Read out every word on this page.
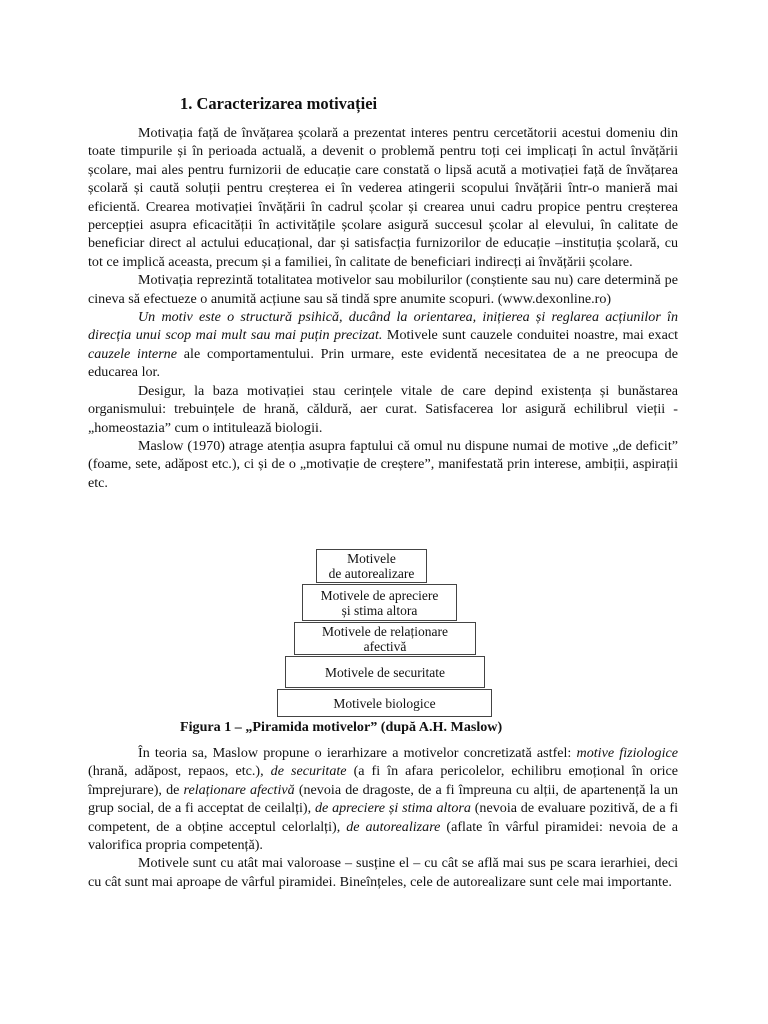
1. Caracterizarea motivației

Motivația față de învățarea școlară a prezentat interes pentru cercetătorii acestui domeniu din toate timpurile și în perioada actuală, a devenit o problemă pentru toți cei implicați în actul învățării școlare, mai ales pentru furnizorii de educație care constată o lipsă acută a motivației față de învățarea școlară și caută soluții pentru creșterea ei în vederea atingerii scopului învățării într-o manieră mai eficientă. Crearea motivației învățării în cadrul școlar și crearea unui cadru propice pentru creșterea percepției asupra eficacității în activitățile școlare asigură succesul școlar al elevului, în calitate de beneficiar direct al actului educațional, dar și satisfacția furnizorilor de educație –instituția școlară, cu tot ce implică aceasta, precum și a familiei, în calitate de beneficiari indirecți ai învățării școlare.

Motivația reprezintă totalitatea motivelor sau mobilurilor (conștiente sau nu) care determină pe cineva să efectueze o anumită acțiune sau să tindă spre anumite scopuri. (www.dexonline.ro)

Un motiv este o structură psihică, ducând la orientarea, inițierea și reglarea acțiunilor în direcția unui scop mai mult sau mai puțin precizat. Motivele sunt cauzele conduitei noastre, mai exact cauzele interne ale comportamentului. Prin urmare, este evidentă necesitatea de a ne preocupa de educarea lor.

Desigur, la baza motivației stau cerințele vitale de care depind existența și bunăstarea organismului: trebuințele de hrană, căldură, aer curat. Satisfacerea lor asigură echilibrul vieții - „homeostazia” cum o intitulează biologii.

Maslow (1970) atrage atenția asupra faptului că omul nu dispune numai de motive „de deficit” (foame, sete, adăpost etc.), ci și de o „motivație de creștere”, manifestată prin interese, ambiții, aspirații etc.

Motivele
de autorealizare
Motivele de apreciere
și stima altora
Motivele de relaționare
afectivă
Motivele de securitate
Motivele biologice
Figura 1 – „Piramida motivelor” (după A.H. Maslow)

În teoria sa, Maslow propune o ierarhizare a motivelor concretizată astfel: motive fiziologice (hrană, adăpost, repaos, etc.), de securitate (a fi în afara pericolelor, echilibru emoțional în orice împrejurare), de relaționare afectivă (nevoia de dragoste, de a fi împreuna cu alții, de apartenență la un grup social, de a fi acceptat de ceilalți), de apreciere și stima altora (nevoia de evaluare pozitivă, de a fi competent, de a obține acceptul celorlalți), de autorealizare (aflate în vârful piramidei: nevoia de a valorifica propria competență).

Motivele sunt cu atât mai valoroase – susține el – cu cât se află mai sus pe scara ierarhiei, deci cu cât sunt mai aproape de vârful piramidei. Bineînțeles, cele de autorealizare sunt cele mai importante.
